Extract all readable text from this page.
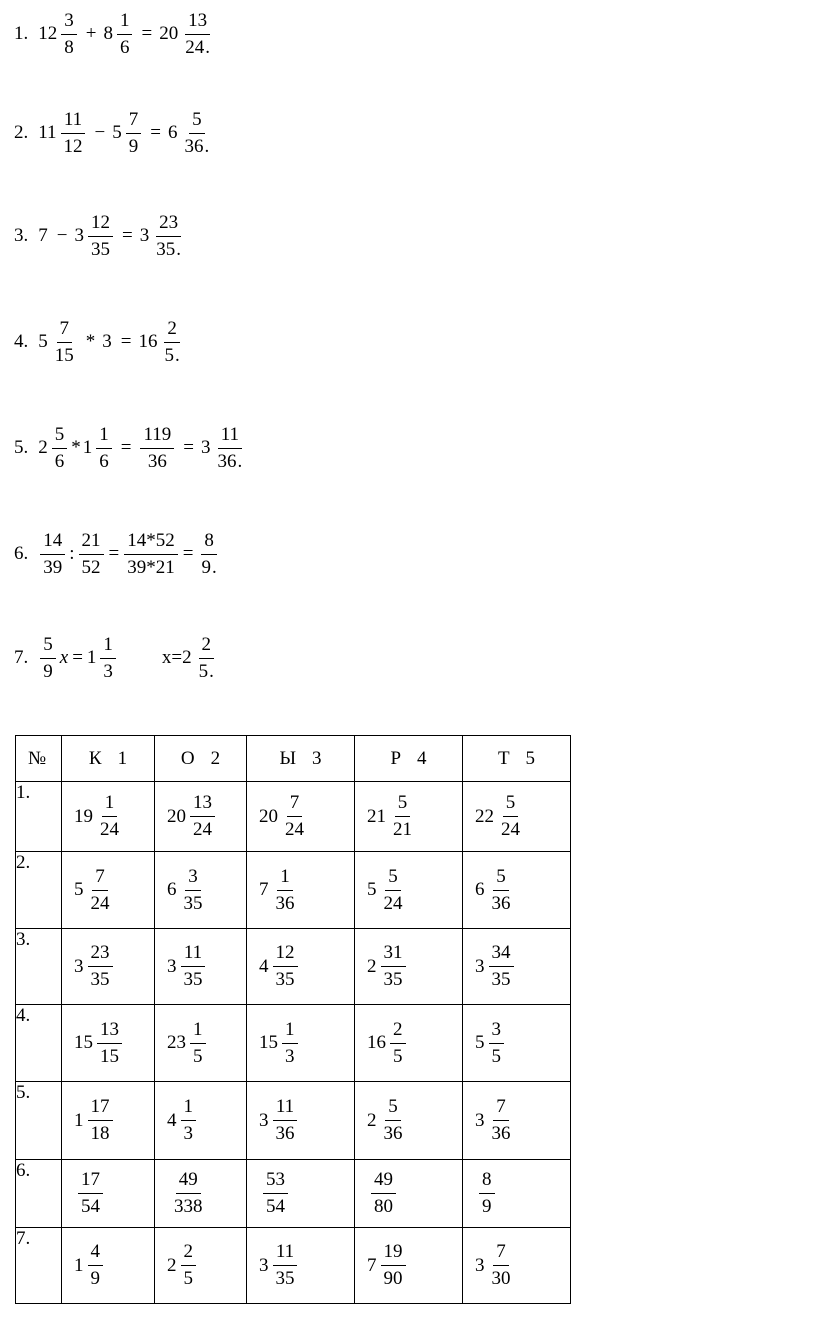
1. $12 \frac{3}{8} + 8 \frac{1}{6} = 20 \frac{13}{24.}$
2. $11 \frac{11}{12} - 5 \frac{7}{9} = 6 \frac{5}{36.}$
3. $7 - 3 \frac{12}{35} = 3 \frac{23}{35.}$
4. $5 \frac{7}{15} * 3 = 16 \frac{2}{5.}$
5. $2 \frac{5}{6} * 1 \frac{1}{6} = \frac{119}{36} = 3 \frac{11}{36.}$
6. $\frac{14}{39}$ : $\frac{21}{52} = \frac{14*52}{39*21} = \frac{8}{9.}$
7. $\frac{5}{9}$ $x = 1 \frac{1}{3} x= 2 \frac{2}{5.}$
№	К 1	О 2	Ы 3	Р 4	Т 5
1.	$19 \frac{1}{24}$	$20 \frac{13}{24}$	$20 \frac{7}{24}$	$21 \frac{5}{21}$	$22 \frac{5}{24}$

2.	$5 \frac{7}{24}$	$6 \frac{3}{35}$	$7 \frac{1}{36}$	$5 \frac{5}{24}$	$6 \frac{5}{36}$

3.	$3 \frac{23}{35}$	$3 \frac{11}{35}$	$4 \frac{12}{35}$	$2 \frac{31}{35}$	$3 \frac{34}{35}$

4.	$15 \frac{13}{15}$	$23 \frac{1}{5}$	$15 \frac{1}{3}$	$16 \frac{2}{5}$	$5 \frac{3}{5}$

5.	$1 \frac{17}{18}$	$4 \frac{1}{3}$	$3 \frac{11}{36}$	$2 \frac{5}{36}$	$3 \frac{7}{36}$

6.	$\frac{17}{54}$	$\frac{49}{338}$	$\frac{53}{54}$	$\frac{49}{80}$	$\frac{8}{9}$

7.	$1 \frac{4}{9}$	$2 \frac{2}{5}$	$3 \frac{11}{35}$	$7 \frac{19}{90}$	$3 \frac{7}{30}$
